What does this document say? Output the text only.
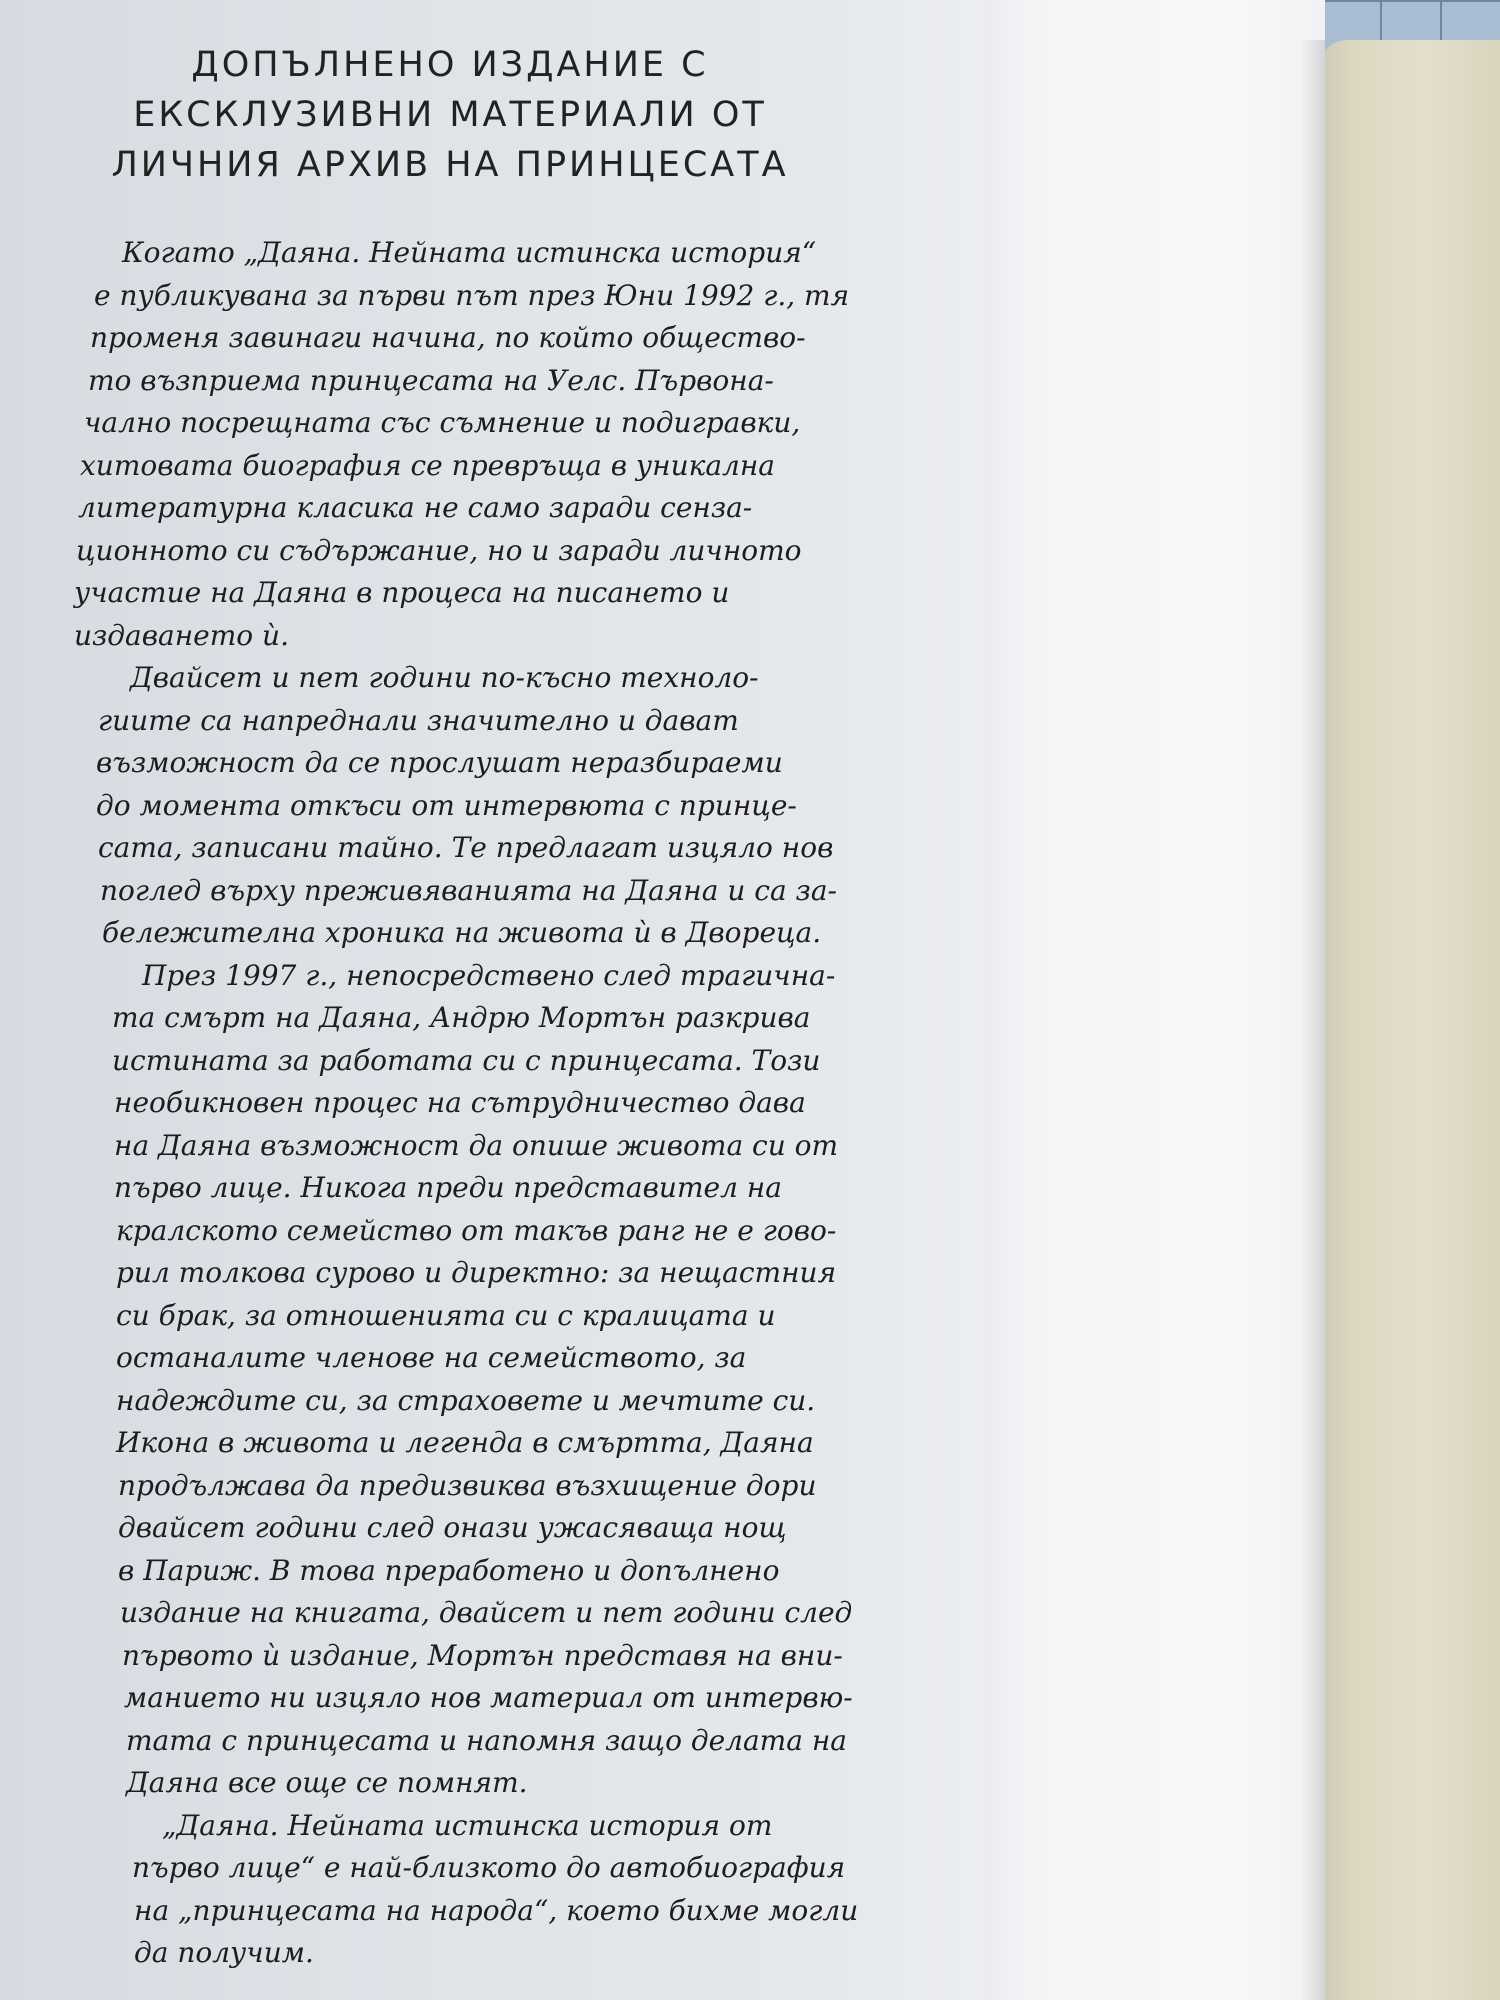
ДОПЪЛНЕНО ИЗДАНИЕ С
ЕКСКЛУЗИВНИ МАТЕРИАЛИ ОТ
ЛИЧНИЯ АРХИВ НА ПРИНЦЕСАТА

Когато „Даяна. Нейната истинска история“
е публикувана за първи път през Юни 1992 г., тя
променя завинаги начина, по който общество-
то възприема принцесата на Уелс. Първона-
чално посрещната със съмнение и подигравки,
хитовата биография се превръща в уникална
литературна класика не само заради сенза-
ционното си съдържание, но и заради личното
участие на Даяна в процеса на писането и
издаването ѝ.

Двайсет и пет години по-късно техноло-
гиите са напреднали значително и дават
възможност да се прослушат неразбираеми
до момента откъси от интервюта с принце-
сата, записани тайно. Те предлагат изцяло нов
поглед върху преживяванията на Даяна и са за-
бележителна хроника на живота ѝ в Двореца.

През 1997 г., непосредствено след трагична-
та смърт на Даяна, Андрю Мортън разкрива
истината за работата си с принцесата. Този
необикновен процес на сътрудничество дава
на Даяна възможност да опише живота си от
първо лице. Никога преди представител на
кралското семейство от такъв ранг не е гово-
рил толкова сурово и директно: за нещастния
си брак, за отношенията си с кралицата и
останалите членове на семейството, за
надеждите си, за страховете и мечтите си.
Икона в живота и легенда в смъртта, Даяна
продължава да предизвиква възхищение дори
двайсет години след онази ужасяваща нощ
в Париж. В това преработено и допълнено
издание на книгата, двайсет и пет години след
първото ѝ издание, Мортън представя на вни-
манието ни изцяло нов материал от интервю-
тата с принцесата и напомня защо делата на
Даяна все още се помнят.

„Даяна. Нейната истинска история от
първо лице“ е най-близкото до автобиография
на „принцесата на народа“, което бихме могли
да получим.
